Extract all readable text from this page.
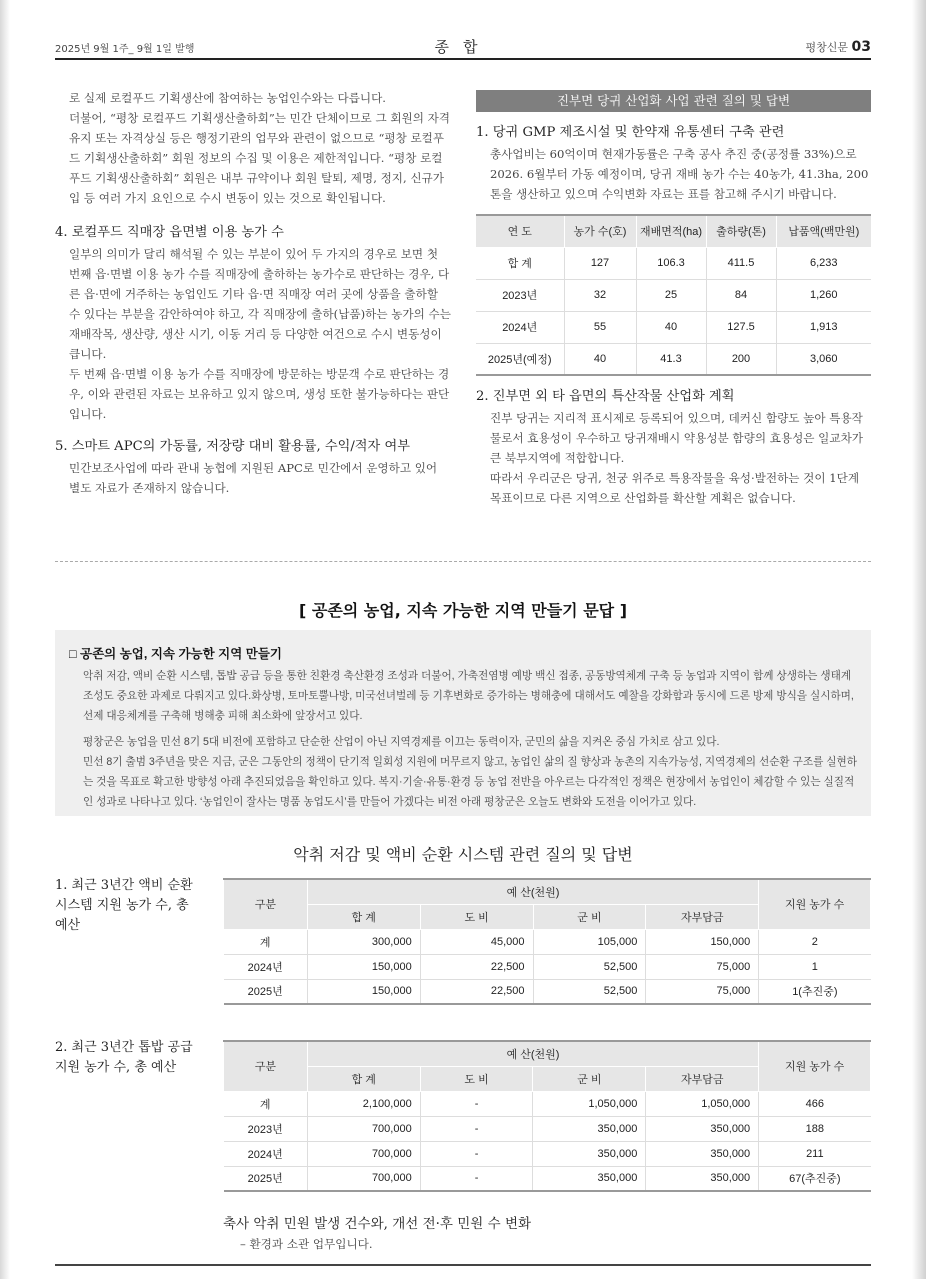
2025년 9월 1주_ 9월 1일 발행	종합	평창신문 03

로 실제 로컬푸드 기획생산에 참여하는 농업인수와는 다릅니다.

더불어, “평창 로컬푸드 기획생산출하회”는 민간 단체이므로 그 회원의 자격유지 또는 자격상실 등은 행정기관의 업무와 관련이 없으므로 “평창 로컬푸드 기획생산출하회” 회원 정보의 수집 및 이용은 제한적입니다. “평창 로컬푸드 기획생산출하회” 회원은 내부 규약이나 회원 탈퇴, 제명, 정지, 신규가입 등 여러 가지 요인으로 수시 변동이 있는 것으로 확인됩니다.

4. 로컬푸드 직매장 읍면별 이용 농가 수

일부의 의미가 달리 해석될 수 있는 부분이 있어 두 가지의 경우로 보면 첫 번째 읍·면별 이용 농가 수를 직매장에 출하하는 농가수로 판단하는 경우, 다른 읍·면에 거주하는 농업인도 기타 읍·면 직매장 여러 곳에 상품을 출하할 수 있다는 부분을 감안하여야 하고, 각 직매장에 출하(납품)하는 농가의 수는 재배작목, 생산량, 생산 시기, 이동 거리 등 다양한 여건으로 수시 변동성이 큽니다.

두 번째 읍·면별 이용 농가 수를 직매장에 방문하는 방문객 수로 판단하는 경우, 이와 관련된 자료는 보유하고 있지 않으며, 생성 또한 불가능하다는 판단입니다.

5. 스마트 APC의 가동률, 저장량 대비 활용률, 수익/적자 여부

민간보조사업에 따라 관내 농협에 지원된 APC로 민간에서 운영하고 있어 별도 자료가 존재하지 않습니다.

진부면 당귀 산업화 사업 관련 질의 및 답변
1. 당귀 GMP 제조시설 및 한약재 유통센터 구축 관련

총사업비는 60억이며 현재가동률은 구축 공사 추진 중(공정률 33%)으로 2026. 6월부터 가동 예정이며, 당귀 재배 농가 수는 40농가, 41.3ha, 200톤을 생산하고 있으며 수익변화 자료는 표를 참고해 주시기 바랍니다.

연 도	농가 수(호)	재배면적(ha)	출하량(톤)	납품액(백만원)
합 계	127	106.3	411.5	6,233
2023년	32	25	84	1,260
2024년	55	40	127.5	1,913
2025년(예정)	40	41.3	200	3,060
2. 진부면 외 타 읍면의 특산작물 산업화 계획

진부 당귀는 지리적 표시제로 등록되어 있으며, 데커신 함량도 높아 특용작물로서 효용성이 우수하고 당귀재배시 약용성분 함량의 효용성은 일교차가 큰 북부지역에 적합합니다.

따라서 우리군은 당귀, 천궁 위주로 특용작물을 육성·발전하는 것이 1단계 목표이므로 다른 지역으로 산업화를 확산할 계획은 없습니다.

[ 공존의 농업, 지속 가능한 지역 만들기 문답 ]
□ 공존의 농업, 지속 가능한 지역 만들기

악취 저감, 액비 순환 시스템, 톱밥 공급 등을 통한 친환경 축산환경 조성과 더불어, 가축전염병 예방 백신 접종, 공동방역체계 구축 등 농업과 지역이 함께 상생하는 생태계 조성도 중요한 과제로 다뤄지고 있다.화상병, 토마토뿔나방, 미국선녀벌레 등 기후변화로 증가하는 병해충에 대해서도 예찰을 강화함과 동시에 드론 방제 방식을 실시하며, 선제 대응체계를 구축해 병해충 피해 최소화에 앞장서고 있다.

평창군은 농업을 민선 8기 5대 비전에 포함하고 단순한 산업이 아닌 지역경제를 이끄는 동력이자, 군민의 삶을 지켜온 중심 가치로 삼고 있다.

민선 8기 출범 3주년을 맞은 지금, 군은 그동안의 정책이 단기적 일회성 지원에 머무르지 않고, 농업인 삶의 질 향상과 농촌의 지속가능성, 지역경제의 선순환 구조를 실현하는 것을 목표로 확고한 방향성 아래 추진되었음을 확인하고 있다. 복지·기술·유통·환경 등 농업 전반을 아우르는 다각적인 정책은 현장에서 농업인이 체감할 수 있는 실질적인 성과로 나타나고 있다. ‘농업인이 잘사는 명품 농업도시’를 만들어 가겠다는 비전 아래 평창군은 오늘도 변화와 도전을 이어가고 있다.

악취 저감 및 액비 순환 시스템 관련 질의 및 답변
1. 최근 3년간 액비 순환 시스템 지원 농가 수, 총 예산
구분	예 산(천원)				지원 농가 수
	합 계	도 비	군 비	자부담금	
계	300,000	45,000	105,000	150,000	2
2024년	150,000	22,500	52,500	75,000	1
2025년	150,000	22,500	52,500	75,000	1(추진중)
2. 최근 3년간 톱밥 공급 지원 농가 수, 총 예산	구분	예 산(천원)				지원 농가 수
	합 계	도 비	군 비	자부담금	
계	2,100,000	-	1,050,000	1,050,000	466
2023년	700,000	-	350,000	350,000	188
2024년	700,000	-	350,000	350,000	211
2025년	700,000	-	350,000	350,000	67(추진중)
축사 악취 민원 발생 건수와, 개선 전·후 민원 수 변화
– 환경과 소관 업무입니다.
